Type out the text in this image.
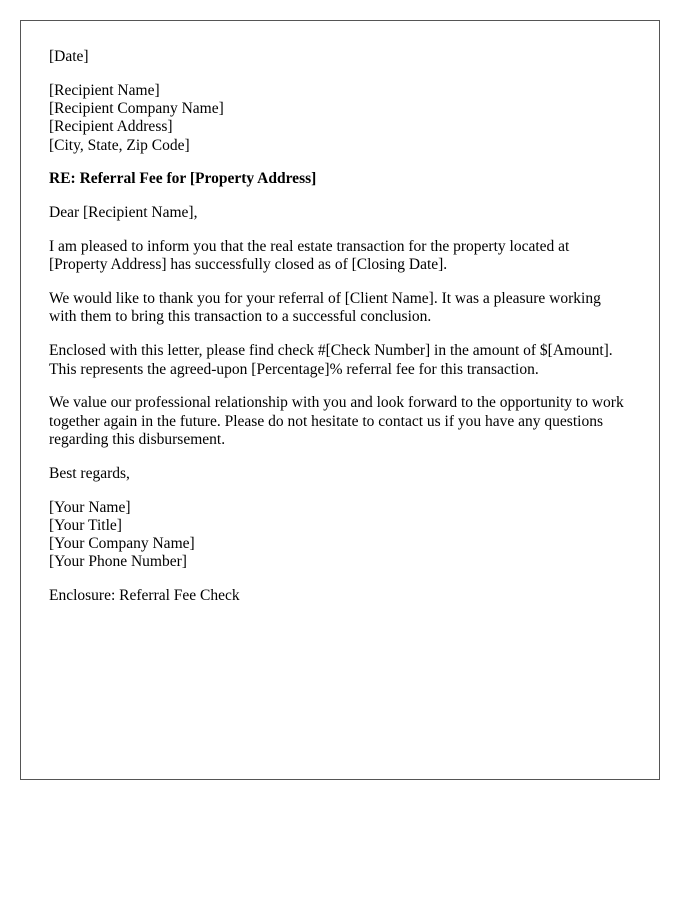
[Date]

[Recipient Name]
[Recipient Company Name]
[Recipient Address]
[City, State, Zip Code]

RE: Referral Fee for [Property Address]

Dear [Recipient Name],

I am pleased to inform you that the real estate transaction for the property located at [Property Address] has successfully closed as of [Closing Date].

We would like to thank you for your referral of [Client Name]. It was a pleasure working with them to bring this transaction to a successful conclusion.

Enclosed with this letter, please find check #[Check Number] in the amount of $[Amount]. This represents the agreed-upon [Percentage]% referral fee for this transaction.

We value our professional relationship with you and look forward to the opportunity to work together again in the future. Please do not hesitate to contact us if you have any questions regarding this disbursement.

Best regards,

[Your Name]
[Your Title]
[Your Company Name]
[Your Phone Number]

Enclosure: Referral Fee Check
